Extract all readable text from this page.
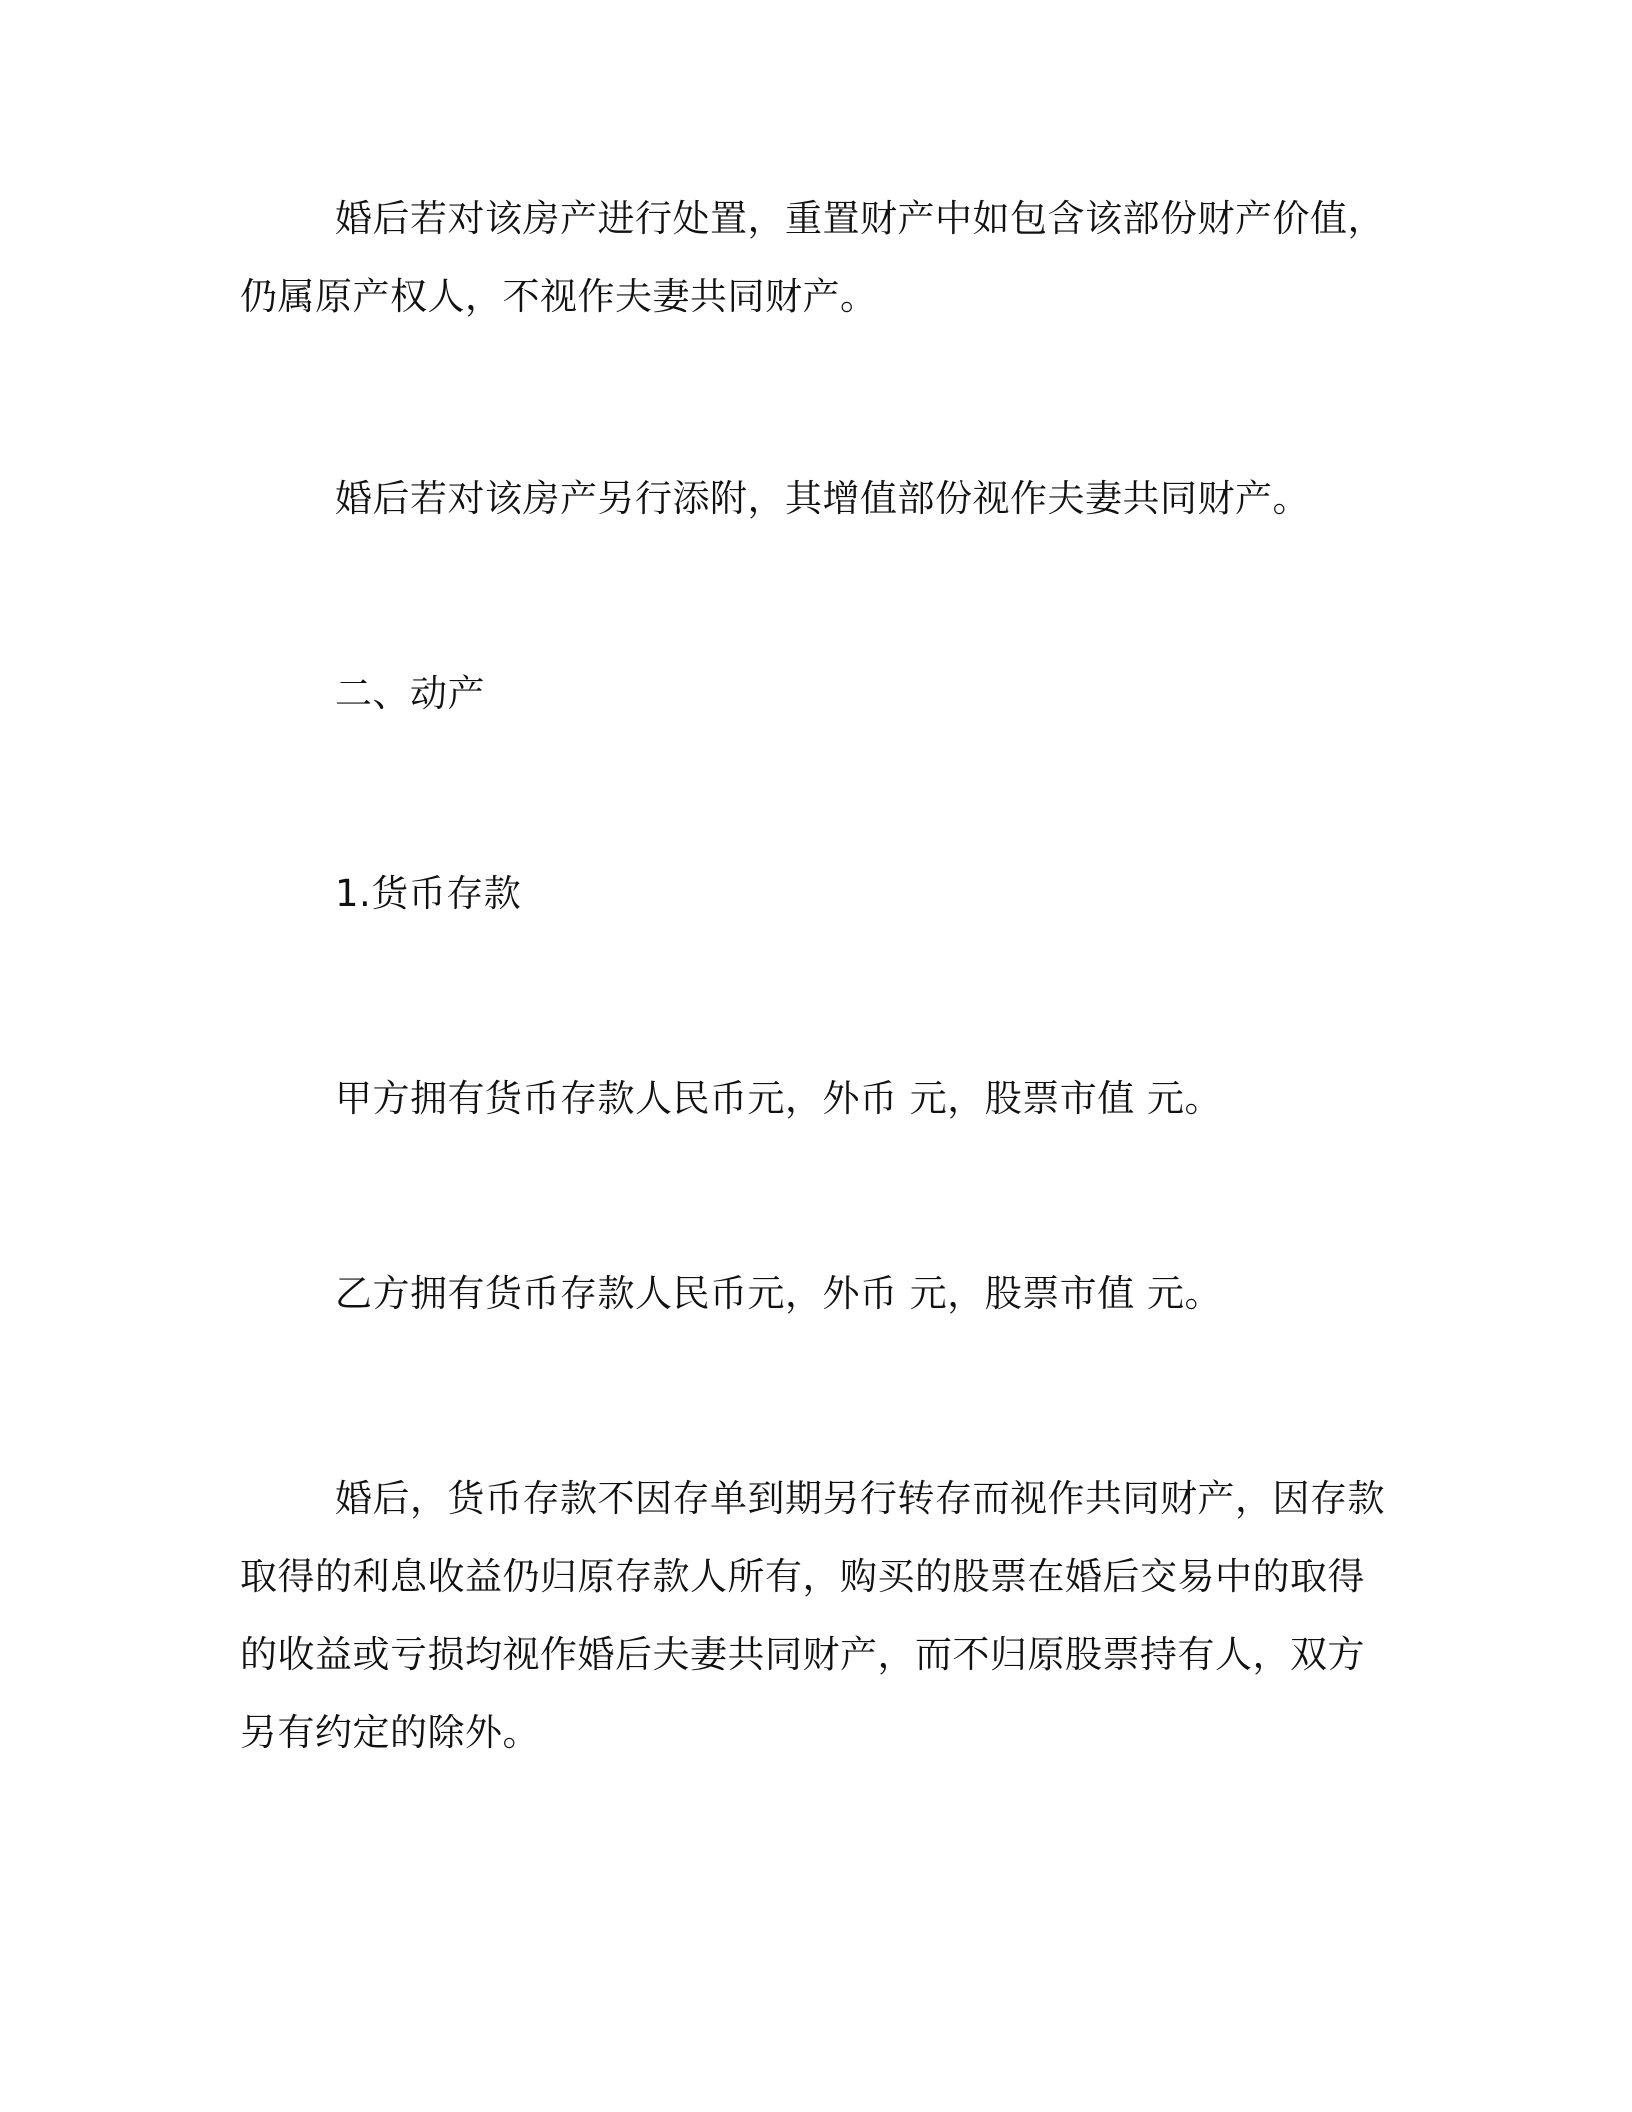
婚后若对该房产进行处置，重置财产中如包含该部份财产价值，
仍属原产权人，不视作夫妻共同财产。

婚后若对该房产另行添附，其增值部份视作夫妻共同财产。

二、动产

1.货币存款

甲方拥有货币存款人民币元，外币 元，股票市值 元。

乙方拥有货币存款人民币元，外币 元，股票市值 元。

婚后，货币存款不因存单到期另行转存而视作共同财产，因存款
取得的利息收益仍归原存款人所有，购买的股票在婚后交易中的取得
的收益或亏损均视作婚后夫妻共同财产，而不归原股票持有人，双方
另有约定的除外。
